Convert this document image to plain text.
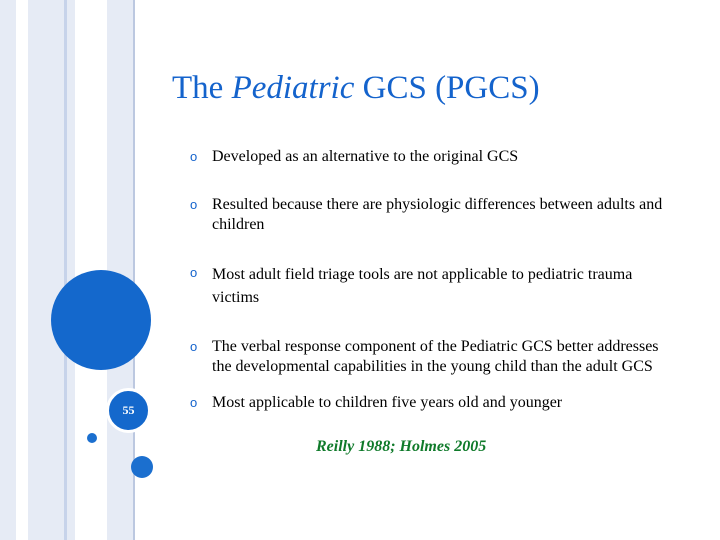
55
The Pediatric GCS (PGCS)
o Developed as an alternative to the original GCS
o Resulted because there are physiologic differences between adults and children
o Most adult field triage tools are not applicable to pediatric trauma victims
o The verbal response component of the Pediatric GCS better addresses the developmental capabilities in the young child than the adult GCS
o Most applicable to children five years old and younger
Reilly 1988; Holmes 2005
